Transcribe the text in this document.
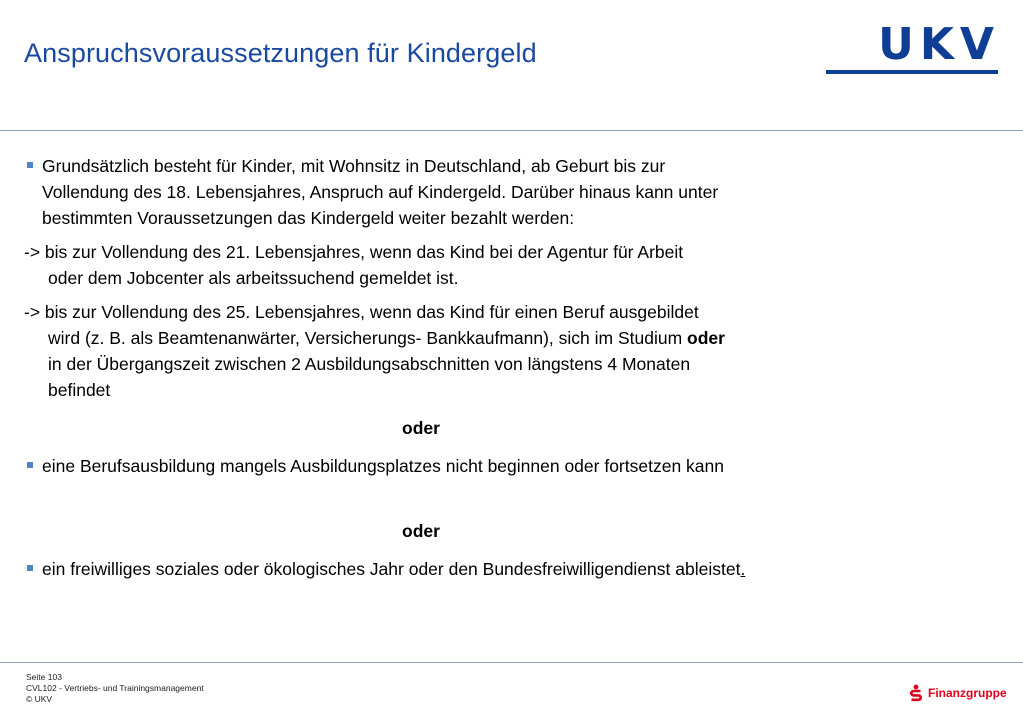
Anspruchsvoraussetzungen für Kindergeld	UKV
Grundsätzlich besteht für Kinder, mit Wohnsitz in Deutschland, ab Geburt bis zur
Vollendung des 18. Lebensjahres, Anspruch auf Kindergeld. Darüber hinaus kann unter
bestimmten Voraussetzungen das Kindergeld weiter bezahlt werden:
-> bis zur Vollendung des 21. Lebensjahres, wenn das Kind bei der Agentur für Arbeit
oder dem Jobcenter als arbeitssuchend gemeldet ist.
-> bis zur Vollendung des 25. Lebensjahres, wenn das Kind für einen Beruf ausgebildet
wird (z. B. als Beamtenanwärter, Versicherungs- Bankkaufmann), sich im Studium oder
in der Übergangszeit zwischen 2 Ausbildungsabschnitten von längstens 4 Monaten
befindet
oder
eine Berufsausbildung mangels Ausbildungsplatzes nicht beginnen oder fortsetzen kann
oder
ein freiwilliges soziales oder ökologisches Jahr oder den Bundesfreiwilligendienst ableistet.
Seite 103
CVL102 - Vertriebs- und Trainingsmanagement
© UKV	Finanzgruppe
